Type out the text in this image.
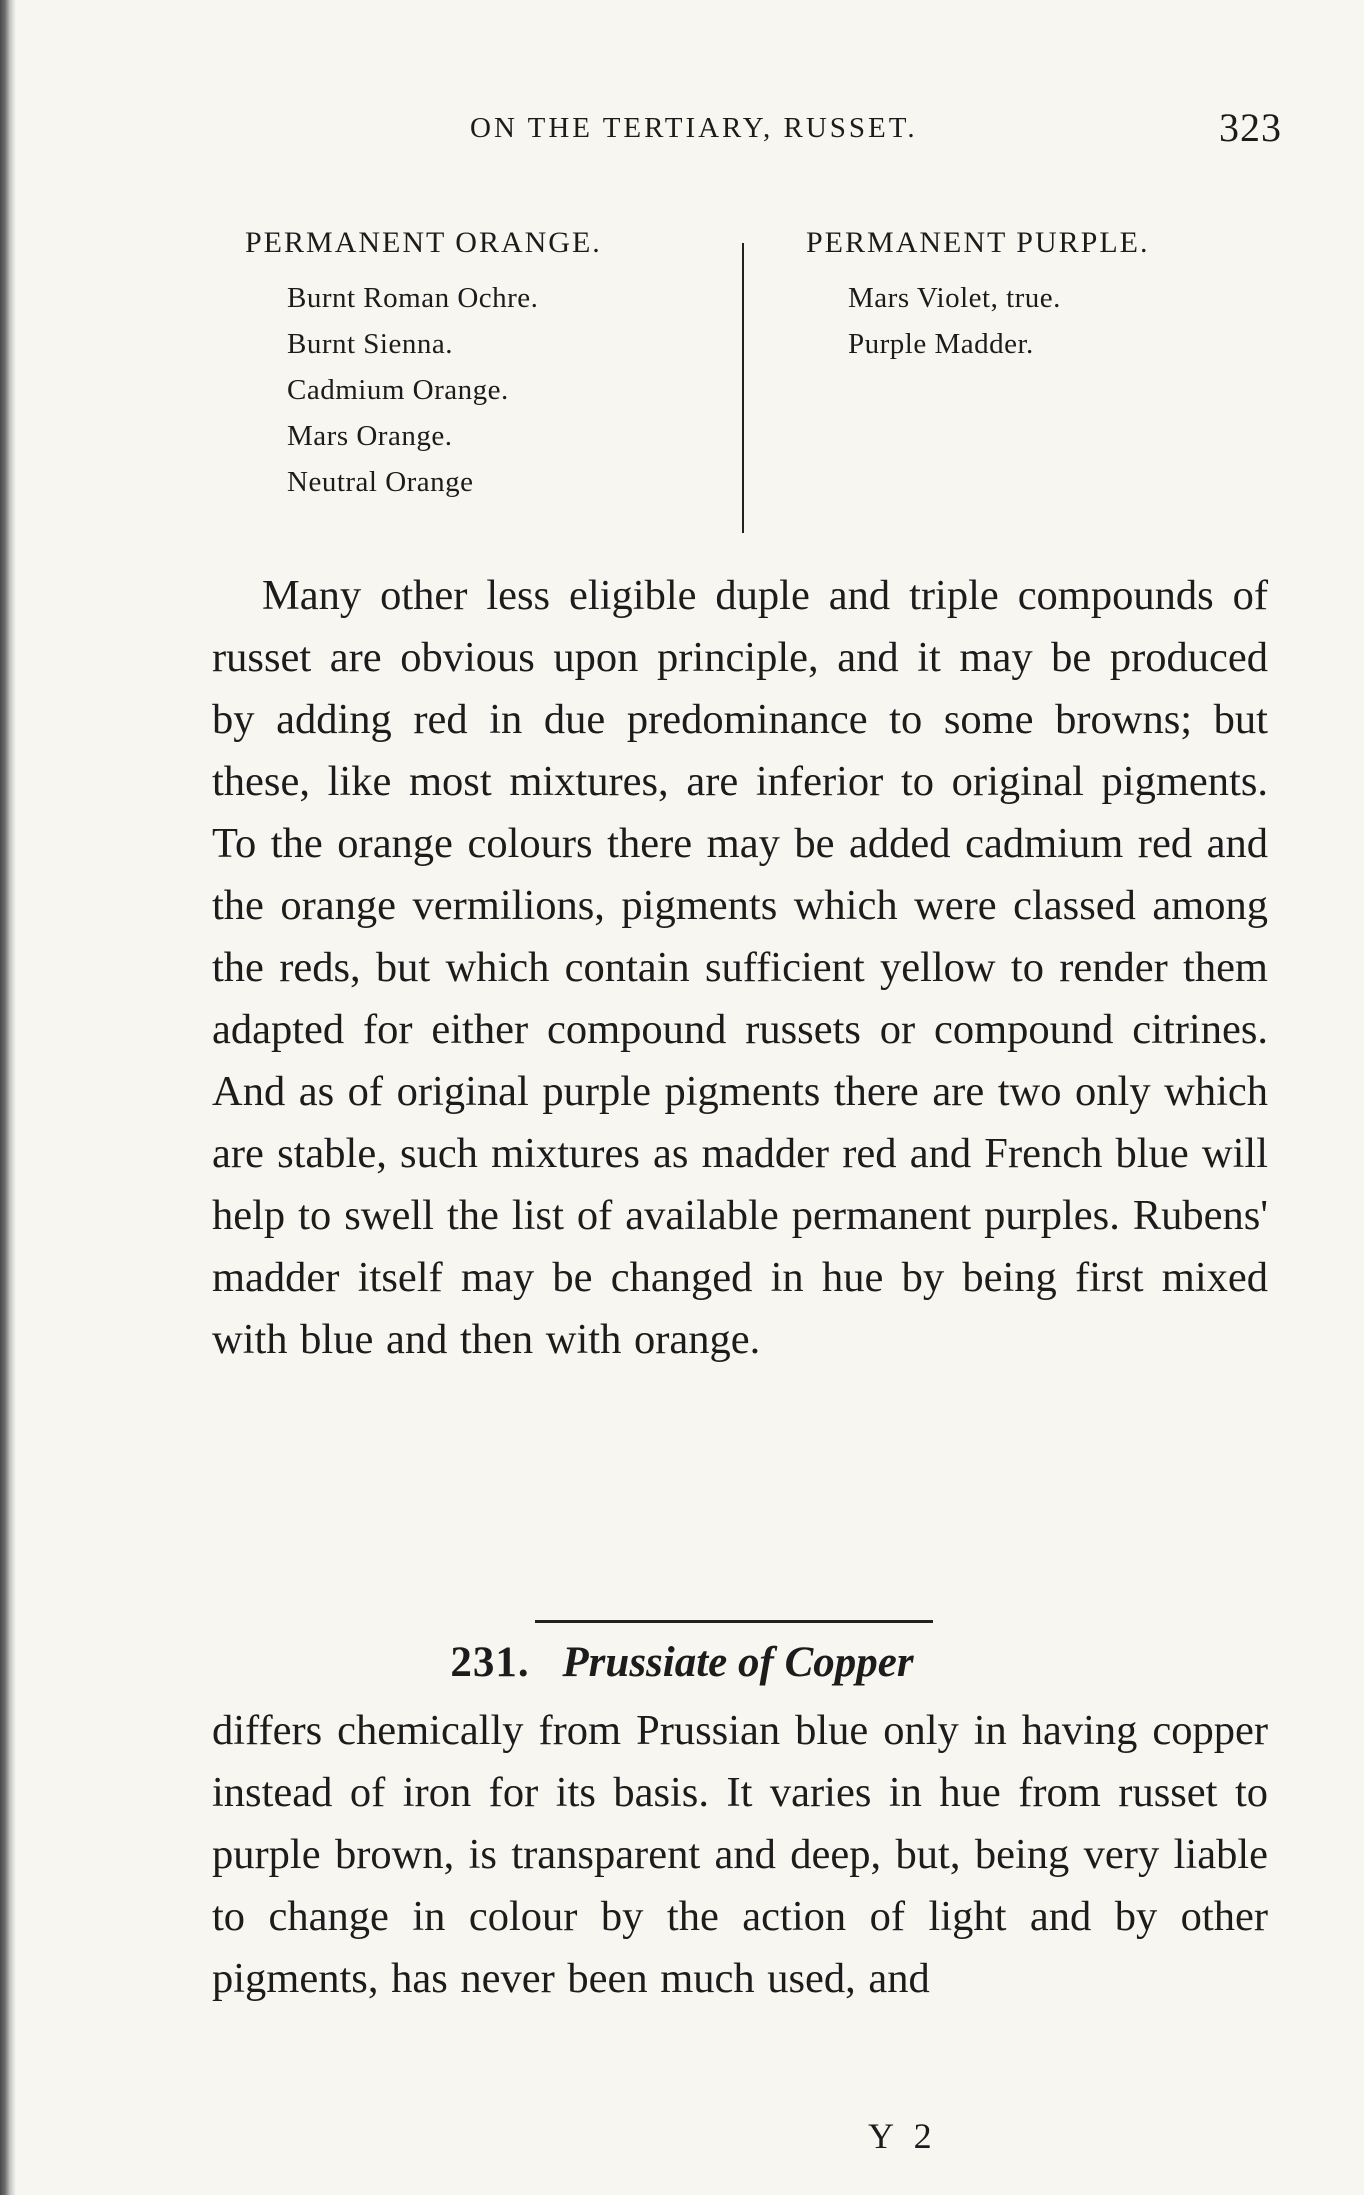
ON THE TERTIARY, RUSSET.	323
PERMANENT ORANGE.
Burnt Roman Ochre.
Burnt Sienna.
Cadmium Orange.
Mars Orange.
Neutral Orange
PERMANENT PURPLE.
Mars Violet, true.
Purple Madder.

Many other less eligible duple and triple compounds of russet are obvious upon principle, and it may be produced by adding red in due predominance to some browns; but these, like most mixtures, are inferior to original pigments. To the orange colours there may be added cadmium red and the orange vermilions, pigments which were classed among the reds, but which contain sufficient yellow to render them adapted for either compound russets or compound citrines. And as of original purple pigments there are two only which are stable, such mixtures as madder red and French blue will help to swell the list of available permanent purples. Rubens' madder itself may be changed in hue by being first mixed with blue and then with orange.

231. Prussiate of Copper

differs chemically from Prussian blue only in having copper instead of iron for its basis. It varies in hue from russet to purple brown, is transparent and deep, but, being very liable to change in colour by the action of light and by other pigments, has never been much used, and

Y 2
